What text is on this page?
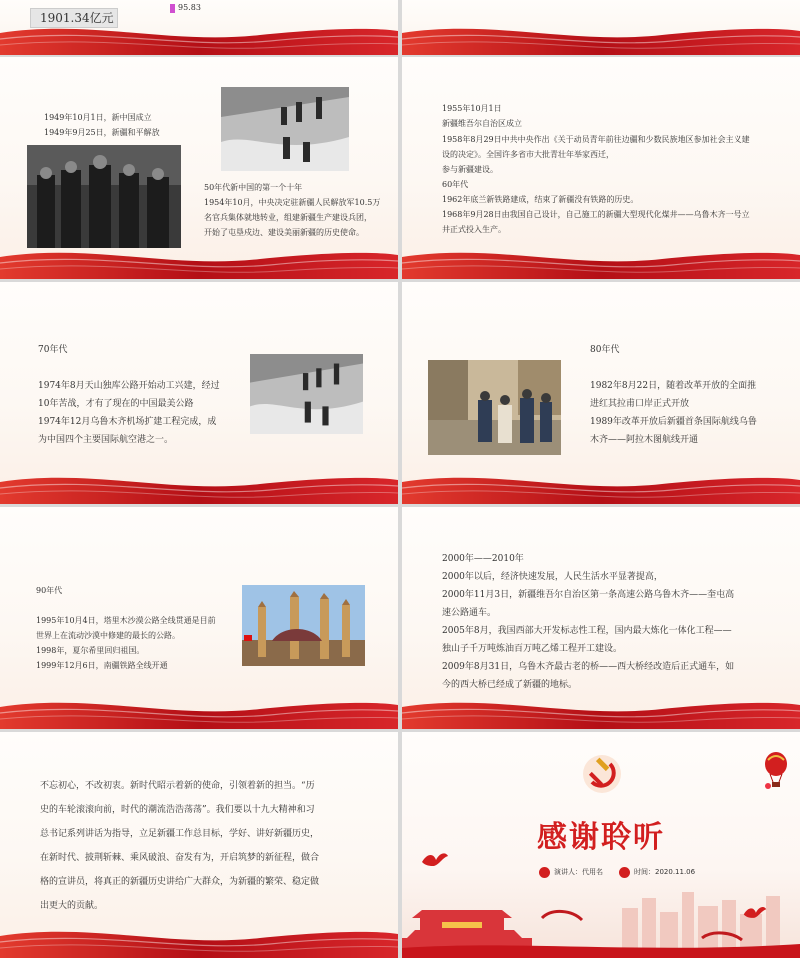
1901.34亿元
95.83
1949年10月1日，新中国成立
1949年9月25日，新疆和平解放
50年代新中国的第一个十年
1954年10月，中央决定驻新疆人民解放军10.5万
名官兵集体就地转业，组建新疆生产建设兵团，
开始了屯垦戍边、建设美丽新疆的历史使命。
1955年10月1日
新疆维吾尔自治区成立
1958年8月29日中共中央作出《关于动员青年前往边疆和少数民族地区参加社会主义建
设的决定》。全国许多省市大批青壮年举家西迁，
参与新疆建设。
60年代
1962年底兰新铁路建成，结束了新疆没有铁路的历史。
1968年9月28日由我国自己设计，自己施工的新疆大型现代化煤井——乌鲁木齐一号立
井正式投入生产。
70年代
1974年8月天山独库公路开始动工兴建，经过
10年苦战，才有了现在的中国最美公路
1974年12月乌鲁木齐机场扩建工程完成，成
为中国四个主要国际航空港之一。
80年代
1982年8月22日，随着改革开放的全面推
进红其拉甫口岸正式开放
1989年改革开放后新疆首条国际航线乌鲁
木齐——阿拉木图航线开通
90年代
1995年10月4日，塔里木沙漠公路全线贯通是目前
世界上在流动沙漠中修建的最长的公路。
1998年，夏尔希里回归祖国。
1999年12月6日，南疆铁路全线开通
2000年——2010年
2000年以后，经济快速发展，人民生活水平显著提高，
2000年11月3日，新疆维吾尔自治区第一条高速公路乌鲁木齐——奎屯高
速公路通车。
2005年8月，我国西部大开发标志性工程，国内最大炼化一体化工程——
独山子千万吨炼油百万吨乙烯工程开工建设。
2009年8月31日，乌鲁木齐最古老的桥——西大桥经改造后正式通车，如
今的西大桥已经成了新疆的地标。
不忘初心，不改初衷。新时代昭示着新的使命，引领着新的担当。“历
史的车轮滚滚向前，时代的潮流浩浩荡荡”。我们要以十九大精神和习
总书记系列讲话为指导，立足新疆工作总目标，学好、讲好新疆历史，
在新时代、披荆斩棘、乘风破浪、奋发有为，开启筑梦的新征程，做合
格的宣讲员，将真正的新疆历史讲给广大群众，为新疆的繁荣、稳定做
出更大的贡献。
感谢聆听
演讲人：代用名	时间：2020.11.06
